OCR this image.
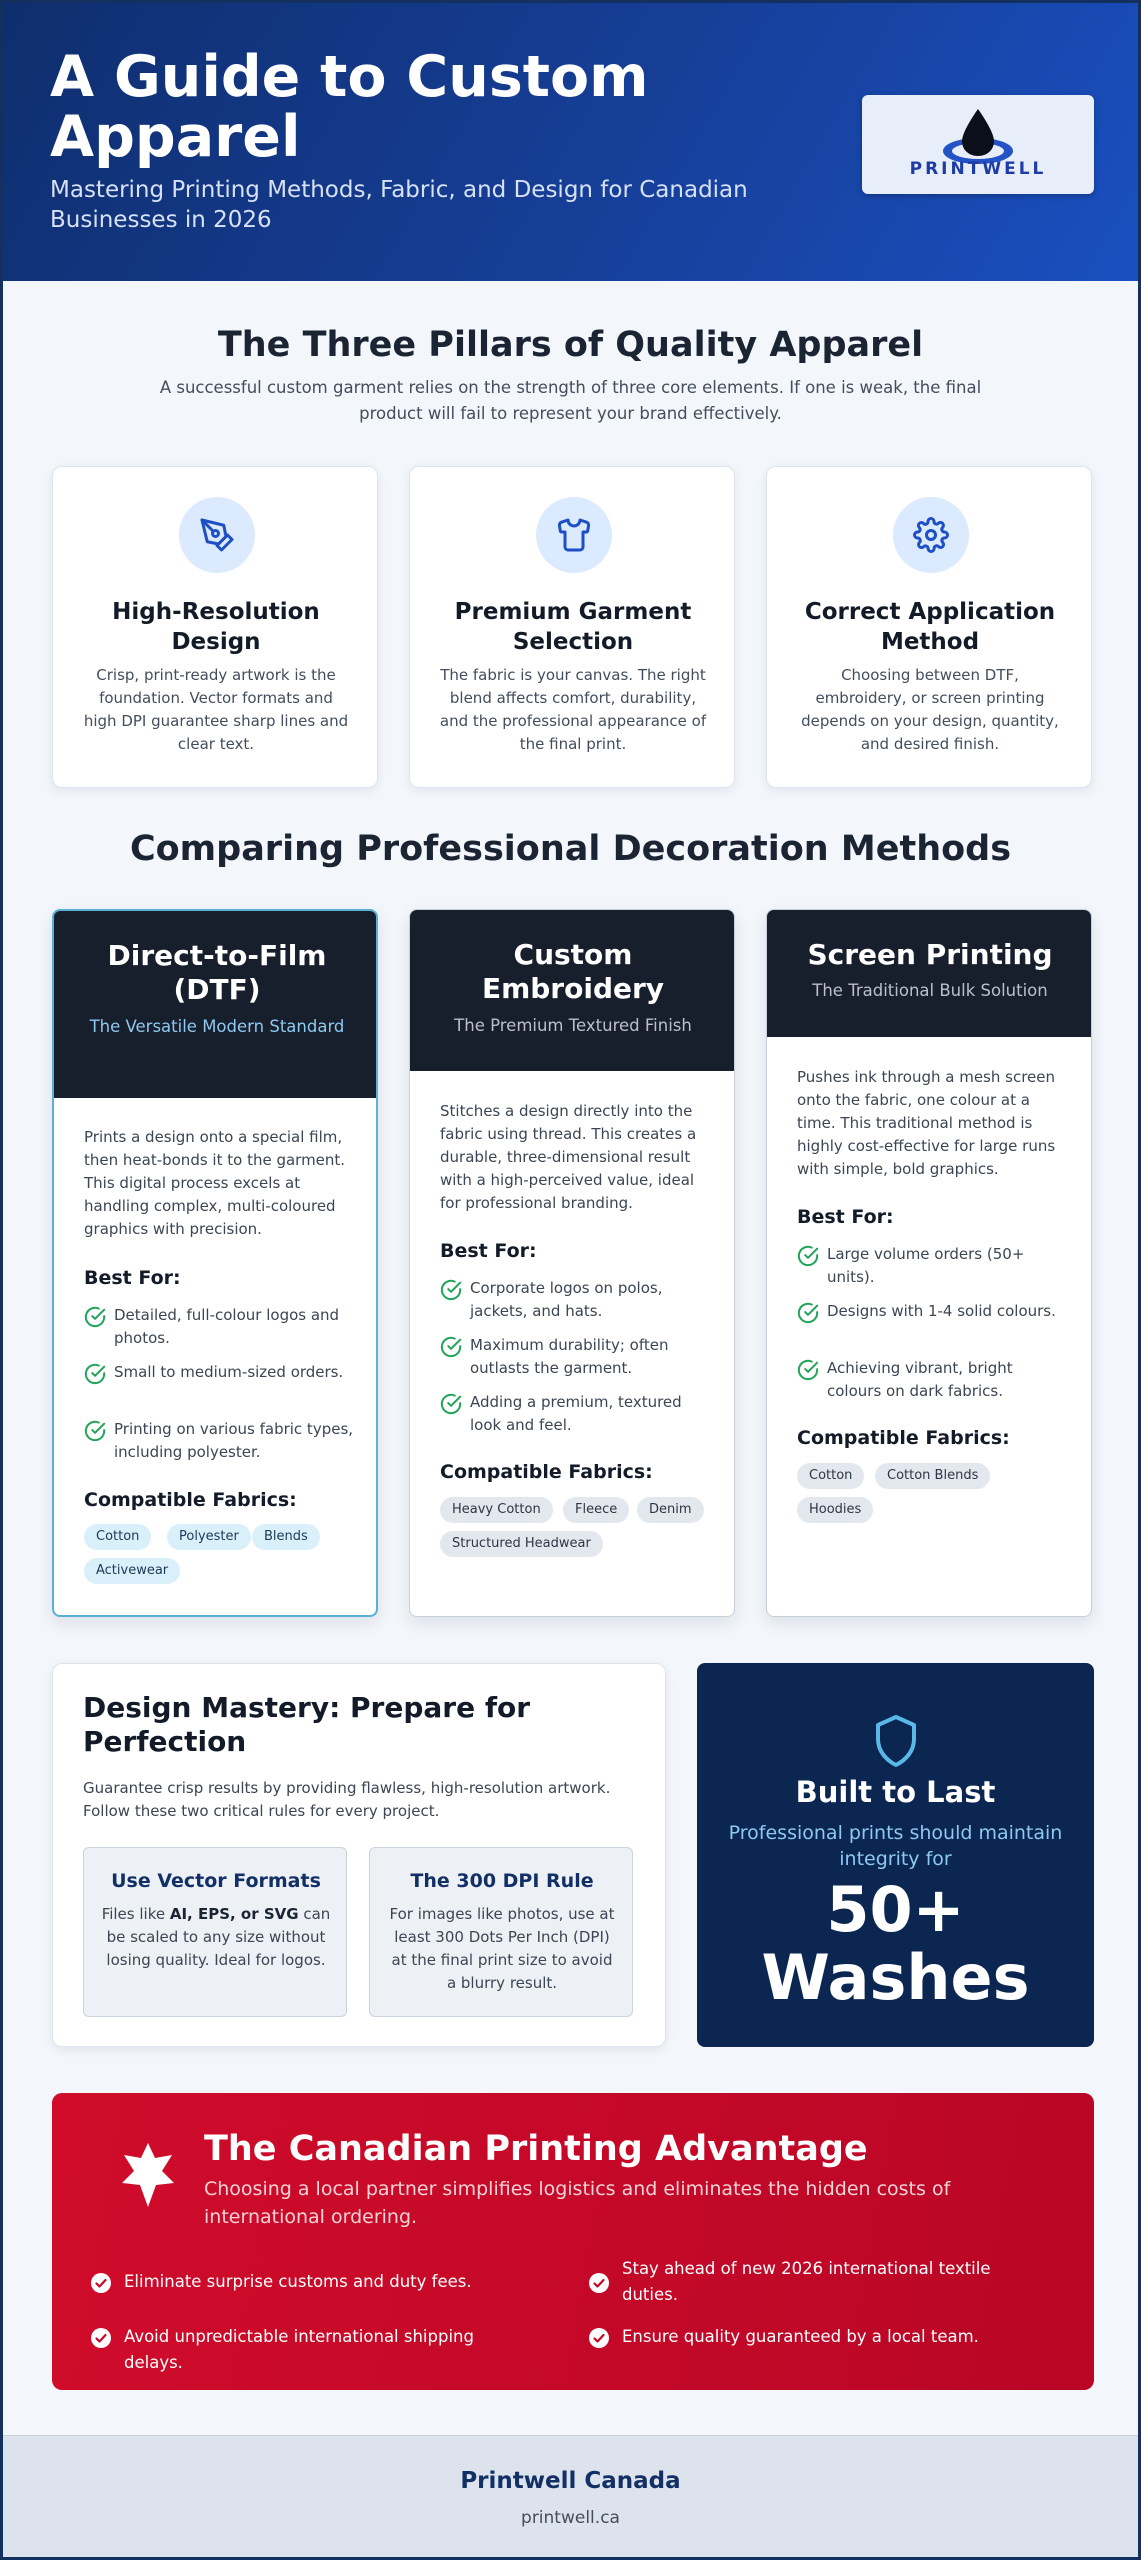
A Guide to Custom Apparel
Mastering Printing Methods, Fabric, and Design for Canadian Businesses in 2026
PRINTWELL
The Three Pillars of Quality Apparel
A successful custom garment relies on the strength of three core elements. If one is weak, the final product will fail to represent your brand effectively.
High-Resolution Design
Crisp, print-ready artwork is the foundation. Vector formats and high DPI guarantee sharp lines and clear text.
Premium Garment Selection
The fabric is your canvas. The right blend affects comfort, durability, and the professional appearance of the final print.
Correct Application Method
Choosing between DTF, embroidery, or screen printing depends on your design, quantity, and desired finish.
Comparing Professional Decoration Methods
Direct-to-Film (DTF)
The Versatile Modern Standard
Prints a design onto a special film, then heat-bonds it to the garment. This digital process excels at handling complex, multi-coloured graphics with precision.
Best For:
Detailed, full-colour logos and photos.
Small to medium-sized orders.
Printing on various fabric types, including polyester.
Compatible Fabrics:
Cotton	Polyester	Blends
Activewear
Custom Embroidery
The Premium Textured Finish
Stitches a design directly into the fabric using thread. This creates a durable, three-dimensional result with a high-perceived value, ideal for professional branding.
Best For:
Corporate logos on polos, jackets, and hats.
Maximum durability; often outlasts the garment.
Adding a premium, textured look and feel.
Compatible Fabrics:
Heavy Cotton	Fleece	Denim
Structured Headwear
Screen Printing
The Traditional Bulk Solution
Pushes ink through a mesh screen onto the fabric, one colour at a time. This traditional method is highly cost-effective for large runs with simple, bold graphics.
Best For:
Large volume orders (50+ units).
Designs with 1-4 solid colours.
Achieving vibrant, bright colours on dark fabrics.
Compatible Fabrics:
Cotton	Cotton Blends
Hoodies
Design Mastery: Prepare for Perfection
Guarantee crisp results by providing flawless, high-resolution artwork. Follow these two critical rules for every project.
Use Vector Formats
Files like AI, EPS, or SVG can be scaled to any size without losing quality. Ideal for logos.
The 300 DPI Rule
For images like photos, use at least 300 Dots Per Inch (DPI) at the final print size to avoid a blurry result.
Built to Last
Professional prints should maintain integrity for
50+
Washes
The Canadian Printing Advantage
Choosing a local partner simplifies logistics and eliminates the hidden costs of international ordering.
Eliminate surprise customs and duty fees.
Stay ahead of new 2026 international textile duties.
Avoid unpredictable international shipping delays.
Ensure quality guaranteed by a local team.
Printwell Canada
printwell.ca
